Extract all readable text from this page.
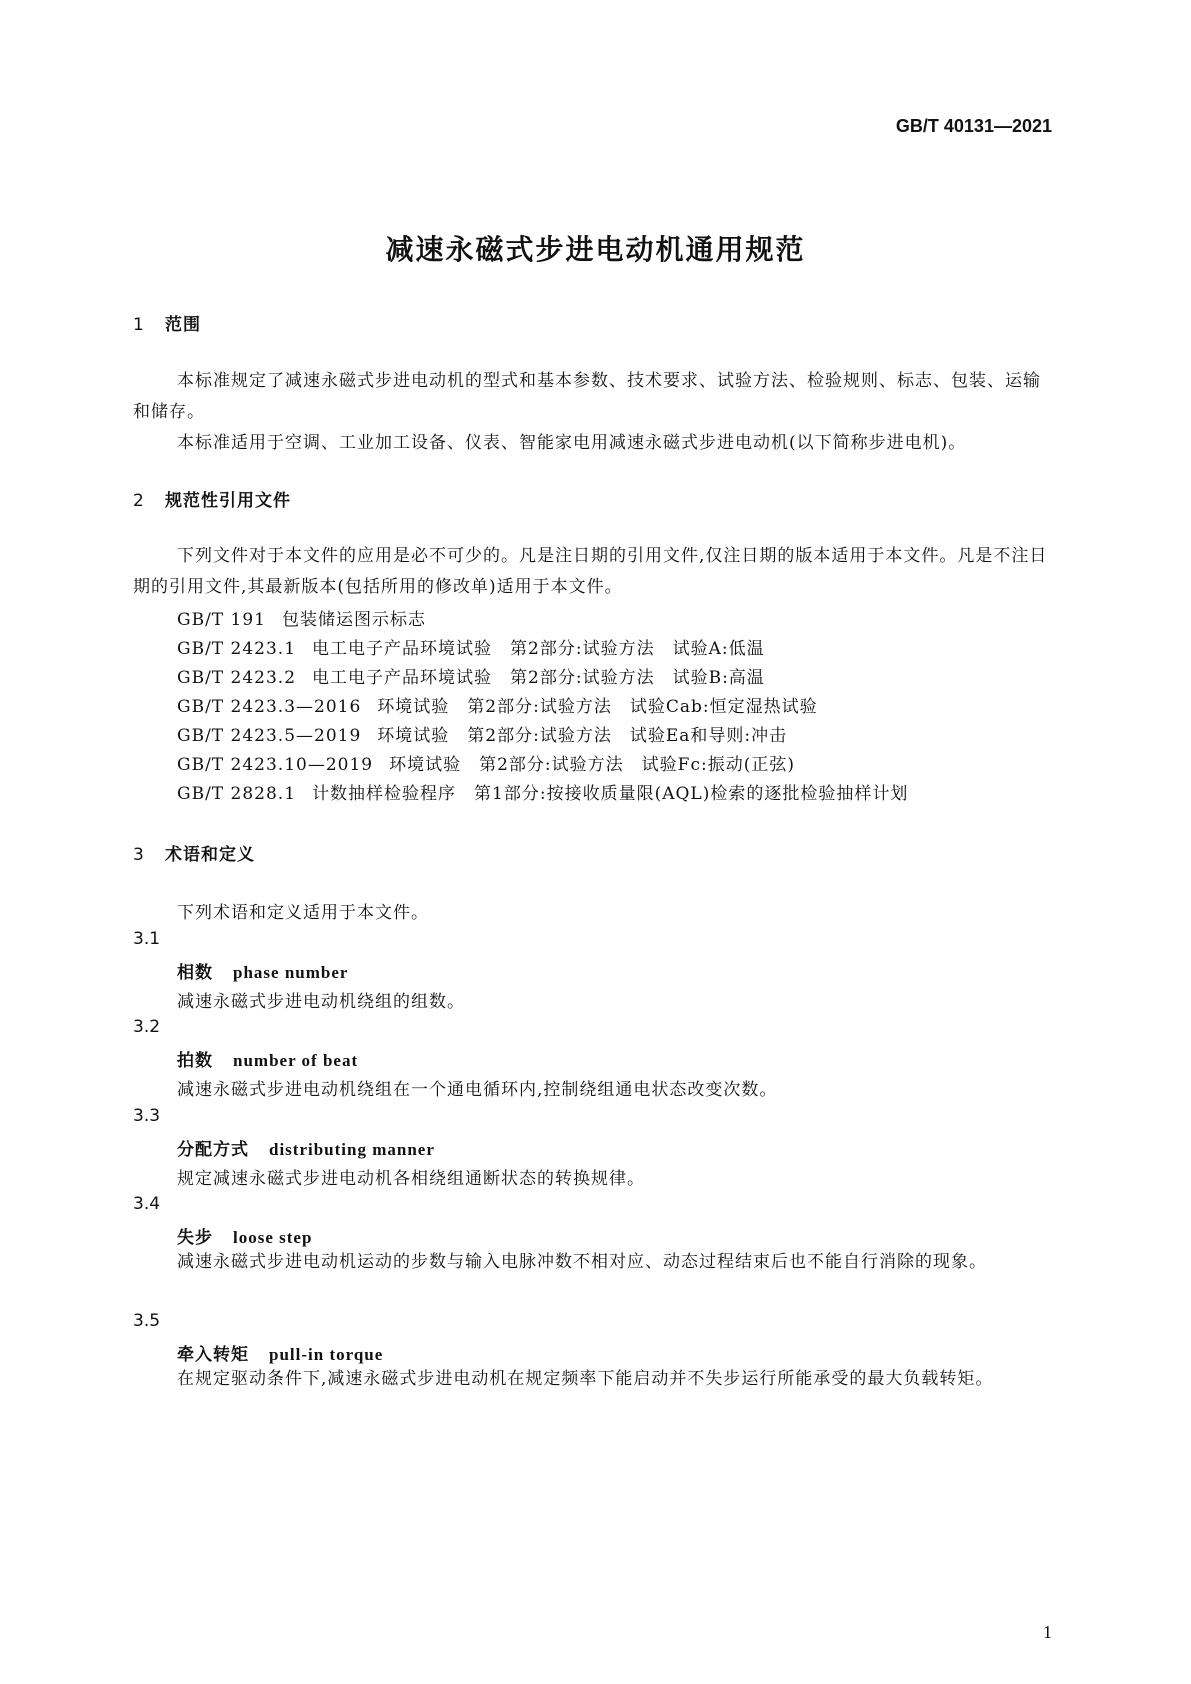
GB/T 40131—2021
减速永磁式步进电动机通用规范
1 范围
本标准规定了减速永磁式步进电动机的型式和基本参数、技术要求、试验方法、检验规则、标志、包装、运输和储存。
本标准适用于空调、工业加工设备、仪表、智能家电用减速永磁式步进电动机(以下简称步进电机)。
2 规范性引用文件
下列文件对于本文件的应用是必不可少的。凡是注日期的引用文件,仅注日期的版本适用于本文件。凡是不注日期的引用文件,其最新版本(包括所用的修改单)适用于本文件。
GB/T 191 包装储运图示标志
GB/T 2423.1 电工电子产品环境试验　第2部分:试验方法　试验A:低温
GB/T 2423.2 电工电子产品环境试验　第2部分:试验方法　试验B:高温
GB/T 2423.3—2016 环境试验　第2部分:试验方法　试验Cab:恒定湿热试验
GB/T 2423.5—2019 环境试验　第2部分:试验方法　试验Ea和导则:冲击
GB/T 2423.10—2019 环境试验　第2部分:试验方法　试验Fc:振动(正弦)
GB/T 2828.1 计数抽样检验程序　第1部分:按接收质量限(AQL)检索的逐批检验抽样计划
3 术语和定义
下列术语和定义适用于本文件。
3.1
相数 phase number
减速永磁式步进电动机绕组的组数。
3.2
拍数 number of beat
减速永磁式步进电动机绕组在一个通电循环内,控制绕组通电状态改变次数。
3.3
分配方式 distributing manner
规定减速永磁式步进电动机各相绕组通断状态的转换规律。
3.4
失步 loose step
减速永磁式步进电动机运动的步数与输入电脉冲数不相对应、动态过程结束后也不能自行消除的现象。
3.5
牵入转矩 pull-in torque
在规定驱动条件下,减速永磁式步进电动机在规定频率下能启动并不失步运行所能承受的最大负载转矩。
1
